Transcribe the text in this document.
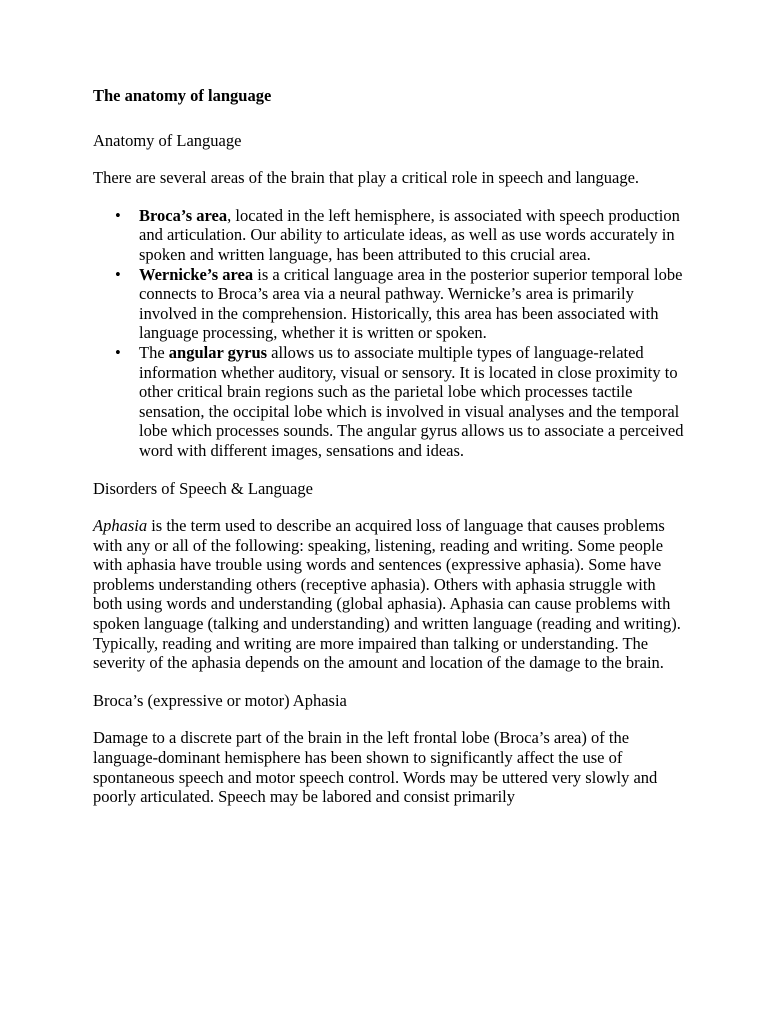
The anatomy of language
Anatomy of Language

There are several areas of the brain that play a critical role in speech and language.

• Broca’s area, located in the left hemisphere, is associated with speech production and articulation. Our ability to articulate ideas, as well as use words accurately in spoken and written language, has been attributed to this crucial area.
• Wernicke’s area is a critical language area in the posterior superior temporal lobe connects to Broca’s area via a neural pathway. Wernicke’s area is primarily involved in the comprehension. Historically, this area has been associated with language processing, whether it is written or spoken.
• The angular gyrus allows us to associate multiple types of language-related information whether auditory, visual or sensory. It is located in close proximity to other critical brain regions such as the parietal lobe which processes tactile sensation, the occipital lobe which is involved in visual analyses and the temporal lobe which processes sounds. The angular gyrus allows us to associate a perceived word with different images, sensations and ideas.
Disorders of Speech & Language

Aphasia is the term used to describe an acquired loss of language that causes problems with any or all of the following: speaking, listening, reading and writing. Some people with aphasia have trouble using words and sentences (expressive aphasia). Some have problems understanding others (receptive aphasia). Others with aphasia struggle with both using words and understanding (global aphasia). Aphasia can cause problems with spoken language (talking and understanding) and written language (reading and writing). Typically, reading and writing are more impaired than talking or understanding. The severity of the aphasia depends on the amount and location of the damage to the brain.

Broca’s (expressive or motor) Aphasia

Damage to a discrete part of the brain in the left frontal lobe (Broca’s area) of the language-dominant hemisphere has been shown to significantly affect the use of spontaneous speech and motor speech control. Words may be uttered very slowly and poorly articulated. Speech may be labored and consist primarily
